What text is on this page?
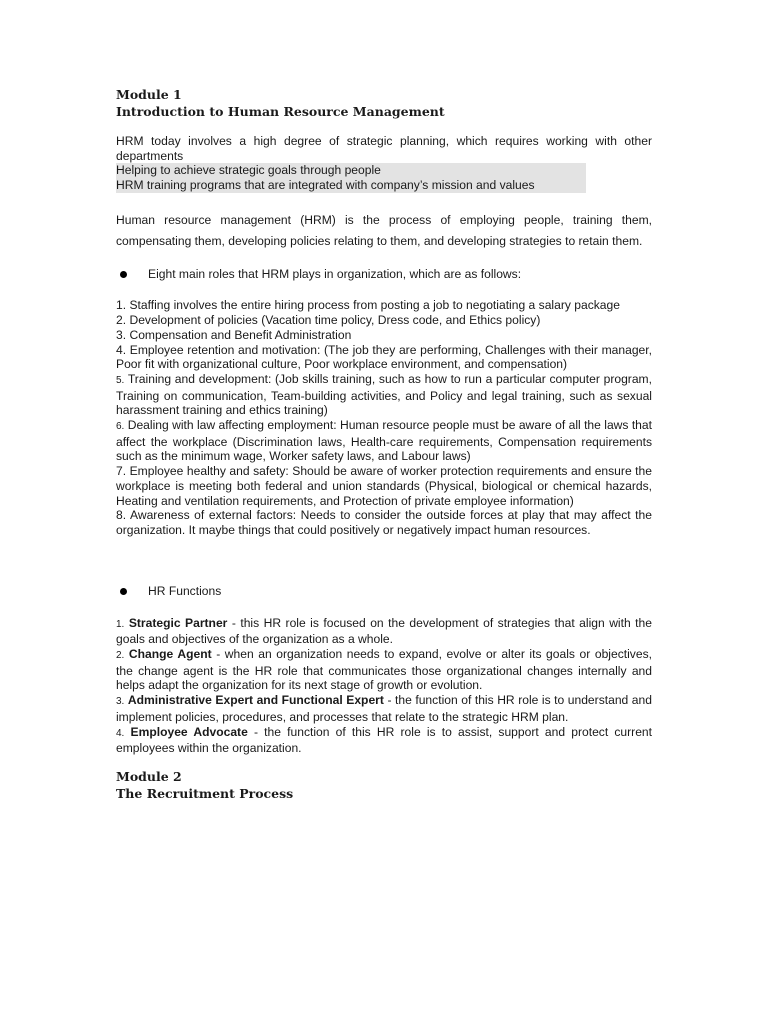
Module 1
Introduction to Human Resource Management

HRM today involves a high degree of strategic planning, which requires working with other departments

Helping to achieve strategic goals through people

HRM training programs that are integrated with company’s mission and values

Human resource management (HRM) is the process of employing people, training them, compensating them, developing policies relating to them, and developing strategies to retain them.

Eight main roles that HRM plays in organization, which are as follows:

1. Staffing involves the entire hiring process from posting a job to negotiating a salary package

2. Development of policies (Vacation time policy, Dress code, and Ethics policy)

3. Compensation and Benefit Administration

4. Employee retention and motivation: (The job they are performing, Challenges with their manager, Poor fit with organizational culture, Poor workplace environment, and compensation)

5. Training and development: (Job skills training, such as how to run a particular computer program, Training on communication, Team-building activities, and Policy and legal training, such as sexual harassment training and ethics training)

6. Dealing with law affecting employment: Human resource people must be aware of all the laws that affect the workplace (Discrimination laws, Health-care requirements, Compensation requirements such as the minimum wage, Worker safety laws, and Labour laws)

7. Employee healthy and safety: Should be aware of worker protection requirements and ensure the workplace is meeting both federal and union standards (Physical, biological or chemical hazards, Heating and ventilation requirements, and Protection of private employee information)

8. Awareness of external factors: Needs to consider the outside forces at play that may affect the organization. It maybe things that could positively or negatively impact human resources.

HR Functions

1. Strategic Partner - this HR role is focused on the development of strategies that align with the goals and objectives of the organization as a whole.

2. Change Agent - when an organization needs to expand, evolve or alter its goals or objectives, the change agent is the HR role that communicates those organizational changes internally and helps adapt the organization for its next stage of growth or evolution.

3. Administrative Expert and Functional Expert - the function of this HR role is to understand and implement policies, procedures, and processes that relate to the strategic HRM plan.

4. Employee Advocate - the function of this HR role is to assist, support and protect current employees within the organization.

Module 2
The Recruitment Process
